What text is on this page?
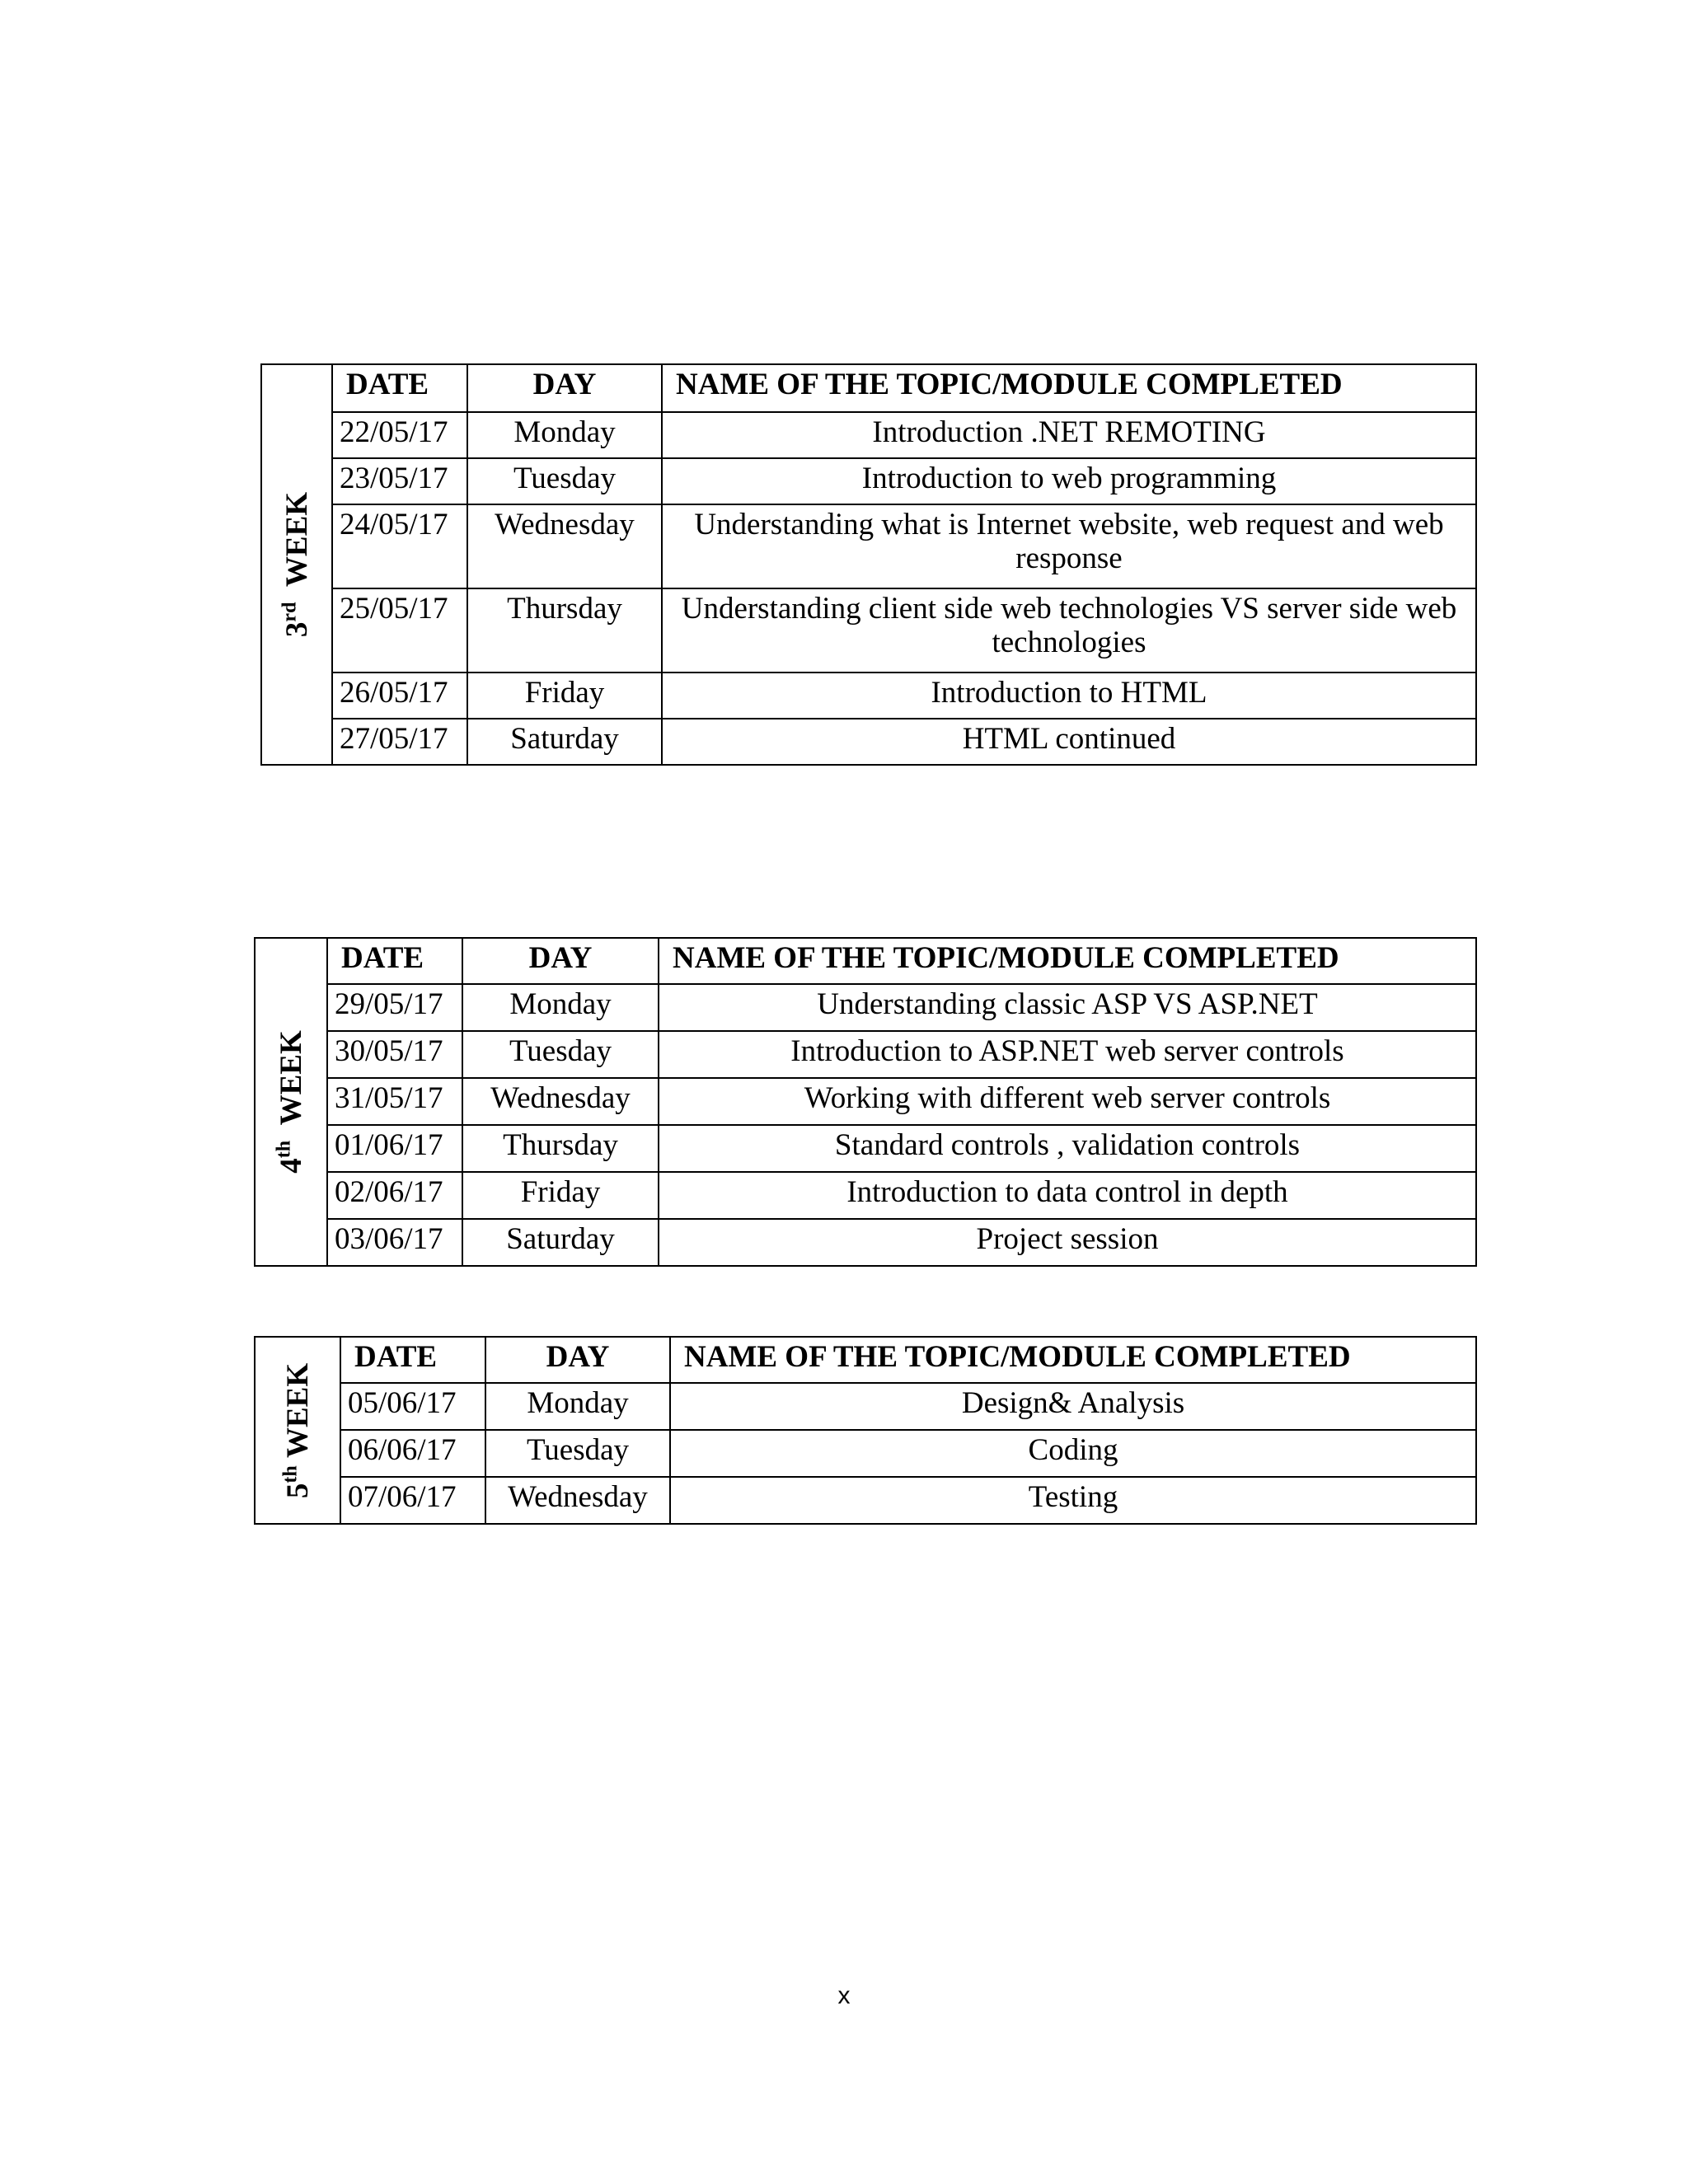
3rd  WEEK	DATE	DAY	NAME OF THE TOPIC/MODULE COMPLETED
	22/05/17	Monday	Introduction .NET REMOTING
	23/05/17	Tuesday	Introduction to web programming
	24/05/17	Wednesday	Understanding what is Internet website, web request and web response
	25/05/17	Thursday	Understanding client side web technologies VS server side web technologies
	26/05/17	Friday	Introduction to HTML
	27/05/17	Saturday	HTML continued
4th  WEEK	DATE	DAY	NAME OF THE TOPIC/MODULE COMPLETED
	29/05/17	Monday	Understanding classic ASP VS ASP.NET
	30/05/17	Tuesday	Introduction to ASP.NET web server controls
	31/05/17	Wednesday	Working with different web server controls
	01/06/17	Thursday	Standard controls , validation controls
	02/06/17	Friday	Introduction to data control in depth
	03/06/17	Saturday	Project session
5th WEEK	DATE	DAY	NAME OF THE TOPIC/MODULE COMPLETED
	05/06/17	Monday	Design& Analysis
	06/06/17	Tuesday	Coding
	07/06/17	Wednesday	Testing
x
